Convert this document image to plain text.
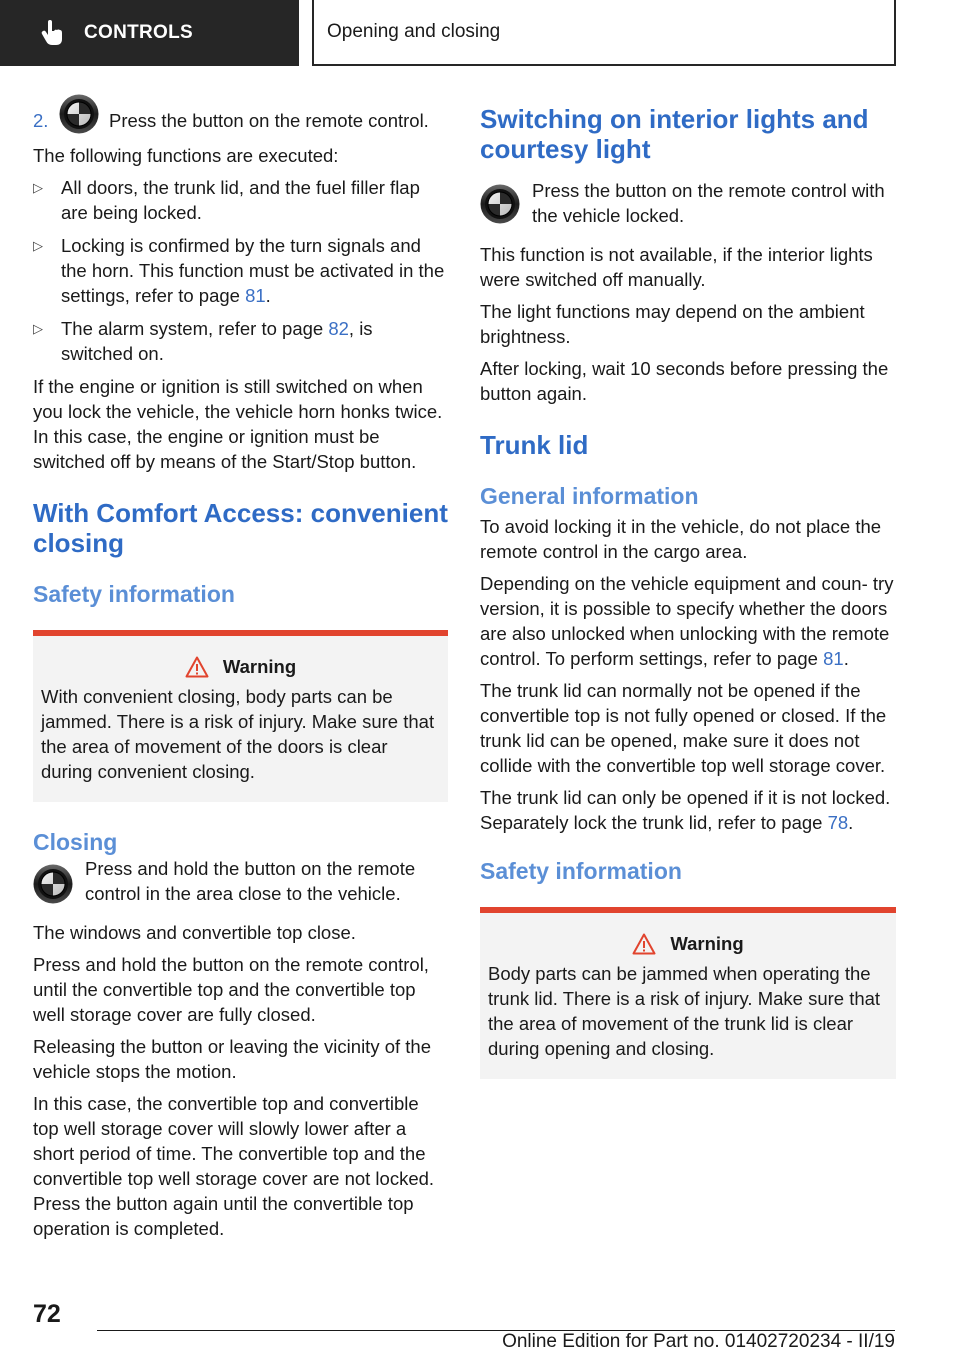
CONTROLS	Opening and closing
2.	Press the button on the remote control.

The following functions are executed:

▷ All doors, the trunk lid, and the fuel filler flap are being locked.
▷ Locking is confirmed by the turn signals and the horn. This function must be activated in the settings, refer to page 81.
▷ The alarm system, refer to page 82, is switched on.

If the engine or ignition is still switched on when you lock the vehicle, the vehicle horn honks twice. In this case, the engine or ignition must be switched off by means of the Start/Stop button.

With Comfort Access: convenient closing
Safety information
Warning

With convenient closing, body parts can be jammed. There is a risk of injury. Make sure that the area of movement of the doors is clear during convenient closing.

Closing
Press and hold the button on the remote control in the area close to the vehicle.

The windows and convertible top close.

Press and hold the button on the remote control, until the convertible top and the convertible top well storage cover are fully closed.

Releasing the button or leaving the vicinity of the vehicle stops the motion.

In this case, the convertible top and convertible top well storage cover will slowly lower after a short period of time. The convertible top and the convertible top well storage cover are not locked. Press the button again until the convertible top operation is completed.

Switching on interior lights and courtesy light
Press the button on the remote control with the vehicle locked.

This function is not available, if the interior lights were switched off manually.

The light functions may depend on the ambient brightness.

After locking, wait 10 seconds before pressing the button again.

Trunk lid
General information

To avoid locking it in the vehicle, do not place the remote control in the cargo area.

Depending on the vehicle equipment and coun‐ try version, it is possible to specify whether the doors are also unlocked when unlocking with the remote control. To perform settings, refer to page 81.

The trunk lid can normally not be opened if the convertible top is not fully opened or closed. If the trunk lid can be opened, make sure it does not collide with the convertible top well storage cover.

The trunk lid can only be opened if it is not locked. Separately lock the trunk lid, refer to page 78.

Safety information
Warning

Body parts can be jammed when operating the trunk lid. There is a risk of injury. Make sure that the area of movement of the trunk lid is clear during opening and closing.

72
Online Edition for Part no. 01402720234 - II/19
